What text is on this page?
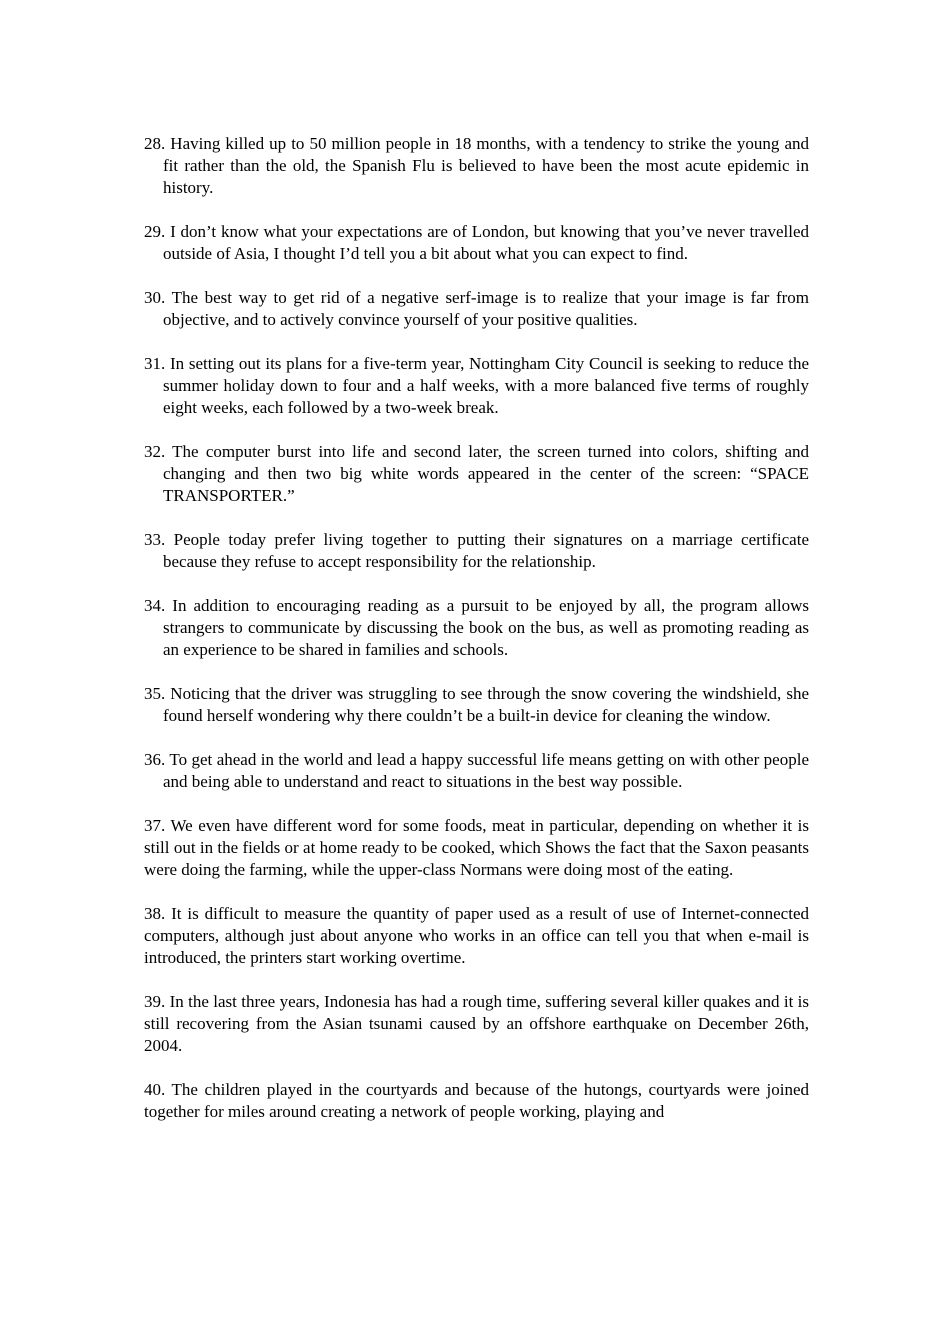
28. Having killed up to 50 million people in 18 months, with a tendency to strike the young and fit rather than the old, the Spanish Flu is believed to have been the most acute epidemic in history.

29. I don’t know what your expectations are of London, but knowing that you’ve never travelled outside of Asia, I thought I’d tell you a bit about what you can expect to find.

30. The best way to get rid of a negative serf-image is to realize that your image is far from objective, and to actively convince yourself of your positive qualities.

31. In setting out its plans for a five-term year, Nottingham City Council is seeking to reduce the summer holiday down to four and a half weeks, with a more balanced five terms of roughly eight weeks, each followed by a two-week break.

32. The computer burst into life and second later, the screen turned into colors, shifting and changing and then two big white words appeared in the center of the screen: “SPACE TRANSPORTER.”

33. People today prefer living together to putting their signatures on a marriage certificate because they refuse to accept responsibility for the relationship.

34. In addition to encouraging reading as a pursuit to be enjoyed by all, the program allows strangers to communicate by discussing the book on the bus, as well as promoting reading as an experience to be shared in families and schools.

35. Noticing that the driver was struggling to see through the snow covering the windshield, she found herself wondering why there couldn’t be a built-in device for cleaning the window.

36. To get ahead in the world and lead a happy successful life means getting on with other people and being able to understand and react to situations in the best way possible.

37. We even have different word for some foods, meat in particular, depending on whether it is still out in the fields or at home ready to be cooked, which Shows the fact that the Saxon peasants were doing the farming, while the upper-class Normans were doing most of the eating.

38. It is difficult to measure the quantity of paper used as a result of use of Internet-connected computers, although just about anyone who works in an office can tell you that when e-mail is introduced, the printers start working overtime.

39. In the last three years, Indonesia has had a rough time, suffering several killer quakes and it is still recovering from the Asian tsunami caused by an offshore earthquake on December 26th, 2004.

40. The children played in the courtyards and because of the hutongs, courtyards were joined together for miles around creating a network of people working, playing and
